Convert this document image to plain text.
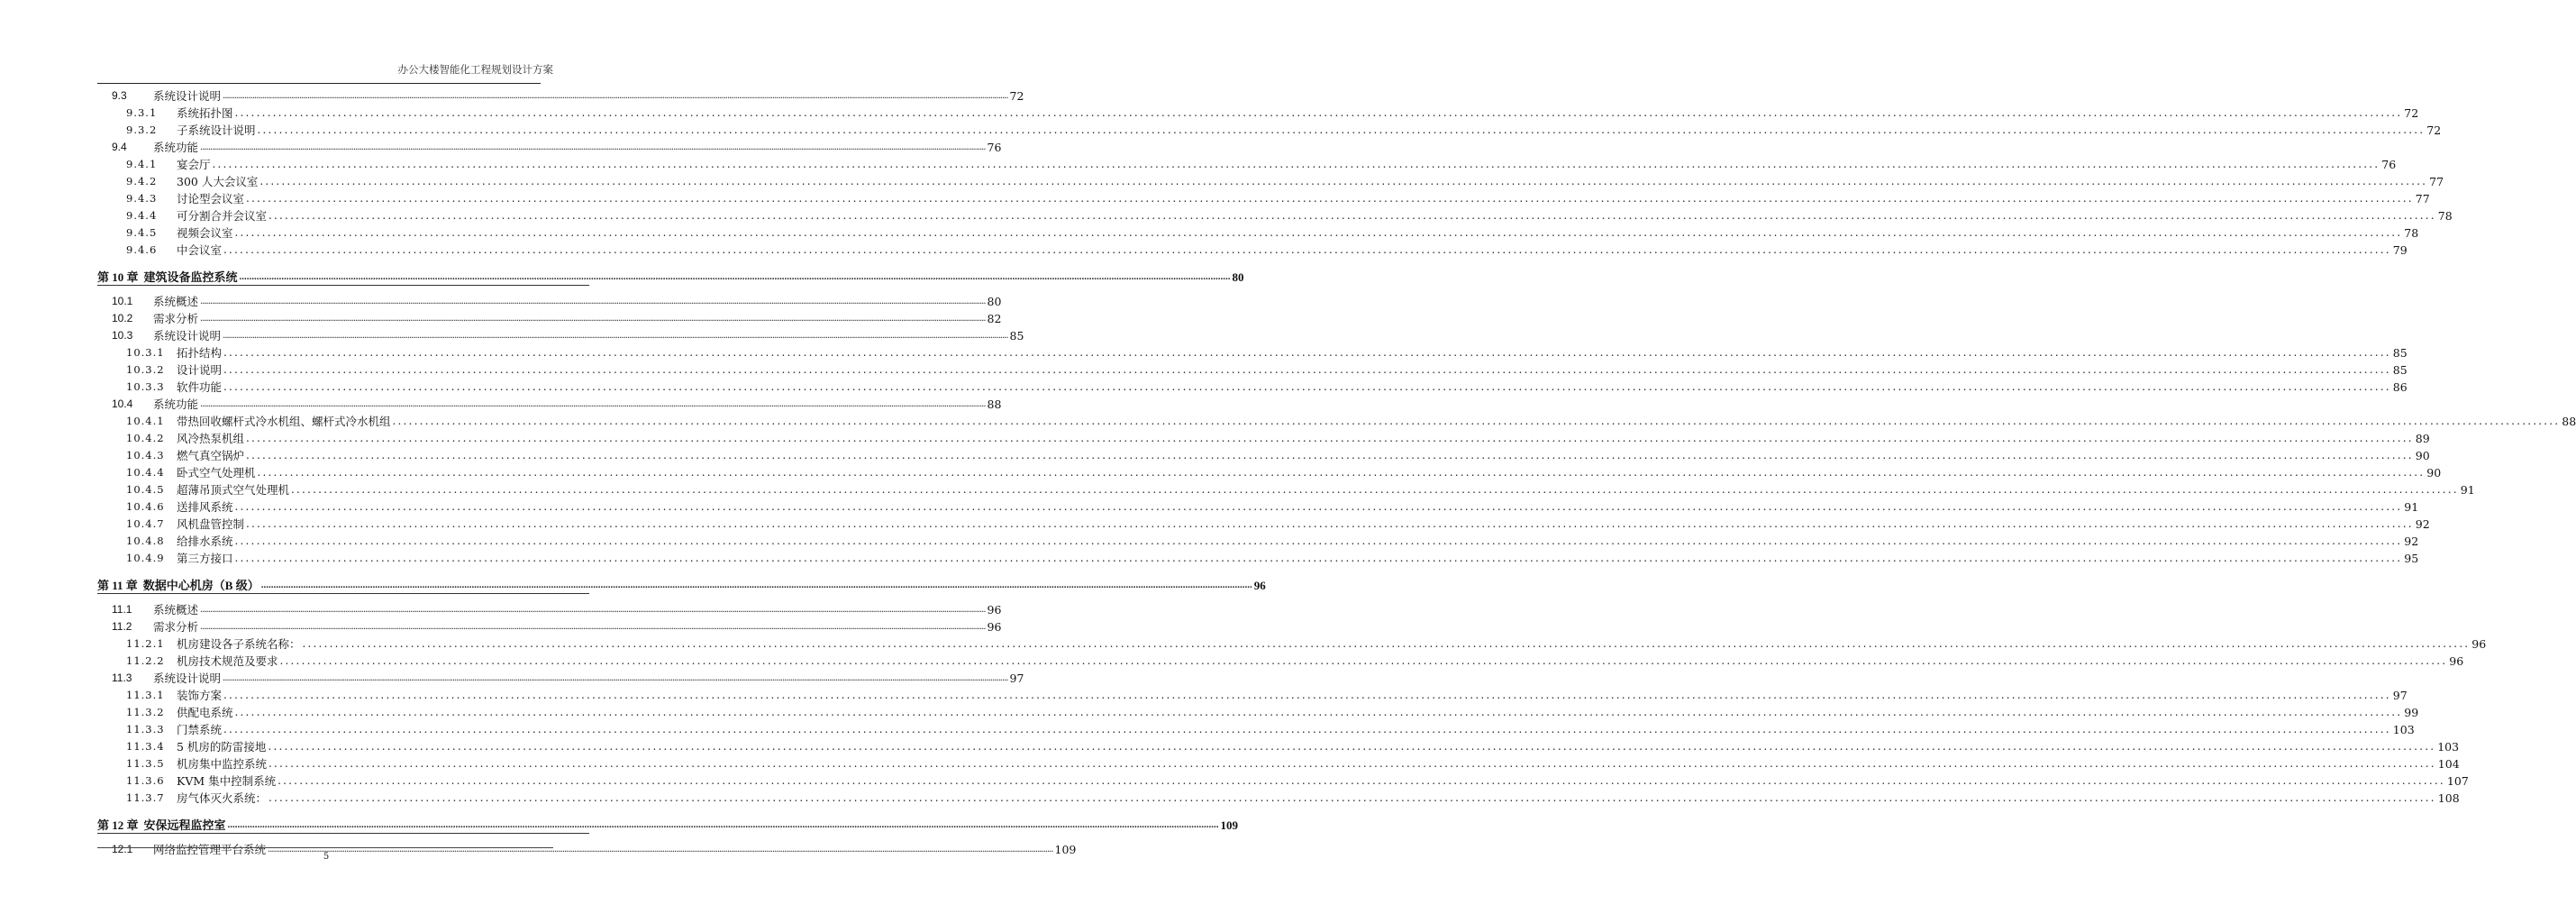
办公大楼智能化工程规划设计方案
9.3	系统设计说明 ................................................................................................................................................................................................................................................................................................................................................................................................................ 72
9.3.1	系统拓扑图 ................................................................................................................................................................................................................................................................................................................................................................................................................ 72
9.3.2	子系统设计说明 ................................................................................................................................................................................................................................................................................................................................................................................................................ 72
9.4	系统功能 ................................................................................................................................................................................................................................................................................................................................................................................................................ 76
9.4.1	宴会厅 ................................................................................................................................................................................................................................................................................................................................................................................................................ 76
9.4.2	300 人大会议室 ................................................................................................................................................................................................................................................................................................................................................................................................................ 77
9.4.3	讨论型会议室 ................................................................................................................................................................................................................................................................................................................................................................................................................ 77
9.4.4	可分割合并会议室 ................................................................................................................................................................................................................................................................................................................................................................................................................ 78
9.4.5	视频会议室 ................................................................................................................................................................................................................................................................................................................................................................................................................ 78
9.4.6	中会议室 ................................................................................................................................................................................................................................................................................................................................................................................................................ 79
第 10 章 建筑设备监控系统 ................................................................................................................................................................................................................................................................................................................................................................................................................ 80
10.1	系统概述 ................................................................................................................................................................................................................................................................................................................................................................................................................ 80
10.2	需求分析 ................................................................................................................................................................................................................................................................................................................................................................................................................ 82
10.3	系统设计说明 ................................................................................................................................................................................................................................................................................................................................................................................................................ 85
10.3.1	拓扑结构 ................................................................................................................................................................................................................................................................................................................................................................................................................ 85
10.3.2	设计说明 ................................................................................................................................................................................................................................................................................................................................................................................................................ 85
10.3.3	软件功能 ................................................................................................................................................................................................................................................................................................................................................................................................................ 86
10.4	系统功能 ................................................................................................................................................................................................................................................................................................................................................................................................................ 88
10.4.1	带热回收螺杆式冷水机组、螺杆式冷水机组 ................................................................................................................................................................................................................................................................................................................................................................................................................ 88
10.4.2	风冷热泵机组 ................................................................................................................................................................................................................................................................................................................................................................................................................ 89
10.4.3	燃气真空锅炉 ................................................................................................................................................................................................................................................................................................................................................................................................................ 90
10.4.4	卧式空气处理机 ................................................................................................................................................................................................................................................................................................................................................................................................................ 90
10.4.5	超薄吊顶式空气处理机 ................................................................................................................................................................................................................................................................................................................................................................................................................ 91
10.4.6	送排风系统 ................................................................................................................................................................................................................................................................................................................................................................................................................ 91
10.4.7	风机盘管控制 ................................................................................................................................................................................................................................................................................................................................................................................................................ 92
10.4.8	给排水系统 ................................................................................................................................................................................................................................................................................................................................................................................................................ 92
10.4.9	第三方接口 ................................................................................................................................................................................................................................................................................................................................................................................................................ 95
第 11 章 数据中心机房（B 级） ................................................................................................................................................................................................................................................................................................................................................................................................................ 96
11.1	系统概述 ................................................................................................................................................................................................................................................................................................................................................................................................................ 96
11.2	需求分析 ................................................................................................................................................................................................................................................................................................................................................................................................................ 96
11.2.1	机房建设各子系统名称： ................................................................................................................................................................................................................................................................................................................................................................................................................ 96
11.2.2	机房技术规范及要求 ................................................................................................................................................................................................................................................................................................................................................................................................................ 96
11.3	系统设计说明 ................................................................................................................................................................................................................................................................................................................................................................................................................ 97
11.3.1	装饰方案 ................................................................................................................................................................................................................................................................................................................................................................................................................ 97
11.3.2	供配电系统 ................................................................................................................................................................................................................................................................................................................................................................................................................ 99
11.3.3	门禁系统 ................................................................................................................................................................................................................................................................................................................................................................................................................ 103
11.3.4	5 机房的防雷接地 ................................................................................................................................................................................................................................................................................................................................................................................................................ 103
11.3.5	机房集中监控系统 ................................................................................................................................................................................................................................................................................................................................................................................................................ 104
11.3.6	KVM 集中控制系统 ................................................................................................................................................................................................................................................................................................................................................................................................................ 107
11.3.7	房气体灭火系统： ................................................................................................................................................................................................................................................................................................................................................................................................................ 108
第 12 章 安保远程监控室 ................................................................................................................................................................................................................................................................................................................................................................................................................ 109
12.1	网络监控管理平台系统 ................................................................................................................................................................................................................................................................................................................................................................................................................ 109
5
